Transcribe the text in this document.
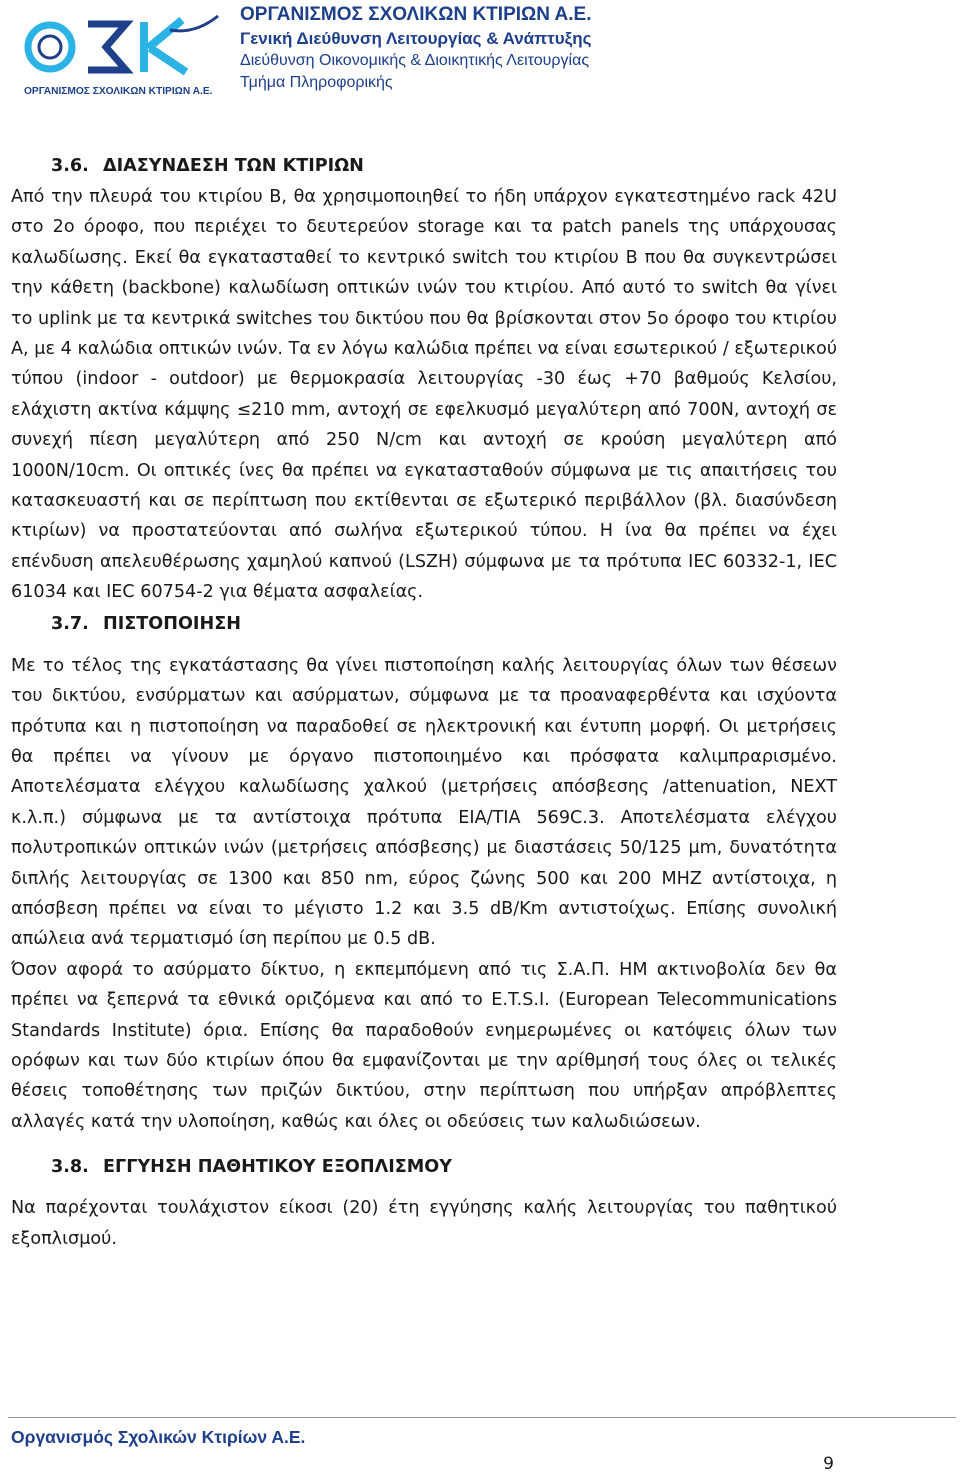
ΟΡΓΑΝΙΣΜΟΣ ΣΧΟΛΙΚΩΝ ΚΤΙΡΙΩΝ Α.Ε.
ΟΡΓΑΝΙΣΜΟΣ ΣΧΟΛΙΚΩΝ ΚΤΙΡΙΩΝ Α.Ε.
Γενική Διεύθυνση Λειτουργίας & Ανάπτυξης
Διεύθυνση Οικονομικής & Διοικητικής Λειτουργίας
Τμήμα Πληροφορικής
3.6. ΔΙΑΣΥΝΔΕΣΗ ΤΩΝ ΚΤΙΡΙΩΝ

Από την πλευρά του κτιρίου Β, θα χρησιμοποιηθεί το ήδη υπάρχον εγκατεστημένο rack 42U στο 2ο όροφο, που περιέχει το δευτερεύον storage και τα patch panels της υπάρχουσας καλωδίωσης. Εκεί θα εγκατασταθεί το κεντρικό switch του κτιρίου Β που θα συγκεντρώσει την κάθετη (backbone) καλωδίωση οπτικών ινών του κτιρίου. Από αυτό το switch θα γίνει το uplink με τα κεντρικά switches του δικτύου που θα βρίσκονται στον 5ο όροφο του κτιρίου Α, με 4 καλώδια οπτικών ινών. Τα εν λόγω καλώδια πρέπει να είναι εσωτερικού / εξωτερικού τύπου (indoor - outdoor) με θερμοκρασία λειτουργίας -30 έως +70 βαθμούς Κελσίου, ελάχιστη ακτίνα κάμψης ≤210 mm, αντοχή σε εφελκυσμό μεγαλύτερη από 700N, αντοχή σε συνεχή πίεση μεγαλύτερη από 250 N/cm και αντοχή σε κρούση μεγαλύτερη από 1000N/10cm. Οι οπτικές ίνες θα πρέπει να εγκατασταθούν σύμφωνα με τις απαιτήσεις του κατασκευαστή και σε περίπτωση που εκτίθενται σε εξωτερικό περιβάλλον (βλ. διασύνδεση κτιρίων) να προστατεύονται από σωλήνα εξωτερικού τύπου. Η ίνα θα πρέπει να έχει επένδυση απελευθέρωσης χαμηλού καπνού (LSZH) σύμφωνα με τα πρότυπα IEC 60332-1, IEC 61034 και IEC 60754-2 για θέματα ασφαλείας.

3.7. ΠΙΣΤΟΠΟΙΗΣΗ

Με το τέλος της εγκατάστασης θα γίνει πιστοποίηση καλής λειτουργίας όλων των θέσεων του δικτύου, ενσύρματων και ασύρματων, σύμφωνα με τα προαναφερθέντα και ισχύοντα πρότυπα και η πιστοποίηση να παραδοθεί σε ηλεκτρονική και έντυπη μορφή. Οι μετρήσεις θα πρέπει να γίνουν με όργανο πιστοποιημένο και πρόσφατα καλιμπραρισμένο. Αποτελέσματα ελέγχου καλωδίωσης χαλκού (μετρήσεις απόσβεσης /attenuation, NEXT κ.λ.π.) σύμφωνα με τα αντίστοιχα πρότυπα EIA/TIA 569C.3. Αποτελέσματα ελέγχου πολυτροπικών οπτικών ινών (μετρήσεις απόσβεσης) με διαστάσεις 50/125 μm, δυνατότητα διπλής λειτουργίας σε 1300 και 850 nm, εύρος ζώνης 500 και 200 MHZ αντίστοιχα, η απόσβεση πρέπει να είναι το μέγιστο 1.2 και 3.5 dB/Km αντιστοίχως. Επίσης συνολική απώλεια ανά τερματισμό ίση περίπου με 0.5 dB.

Όσον αφορά το ασύρματο δίκτυο, η εκπεμπόμενη από τις Σ.Α.Π. ΗΜ ακτινοβολία δεν θα πρέπει να ξεπερνά τα εθνικά οριζόμενα και από το Ε.T.S.I. (European Telecommunications Standards Institute) όρια. Επίσης θα παραδοθούν ενημερωμένες οι κατόψεις όλων των ορόφων και των δύο κτιρίων όπου θα εμφανίζονται με την αρίθμησή τους όλες οι τελικές θέσεις τοποθέτησης των πριζών δικτύου, στην περίπτωση που υπήρξαν απρόβλεπτες αλλαγές κατά την υλοποίηση, καθώς και όλες οι οδεύσεις των καλωδιώσεων.

3.8. ΕΓΓΥΗΣΗ ΠΑΘΗΤΙΚΟΥ ΕΞΟΠΛΙΣΜΟΥ

Να παρέχονται τουλάχιστον είκοσι (20) έτη εγγύησης καλής λειτουργίας του παθητικού εξοπλισμού.

Οργανισμός Σχολικών Κτιρίων Α.Ε.
9
